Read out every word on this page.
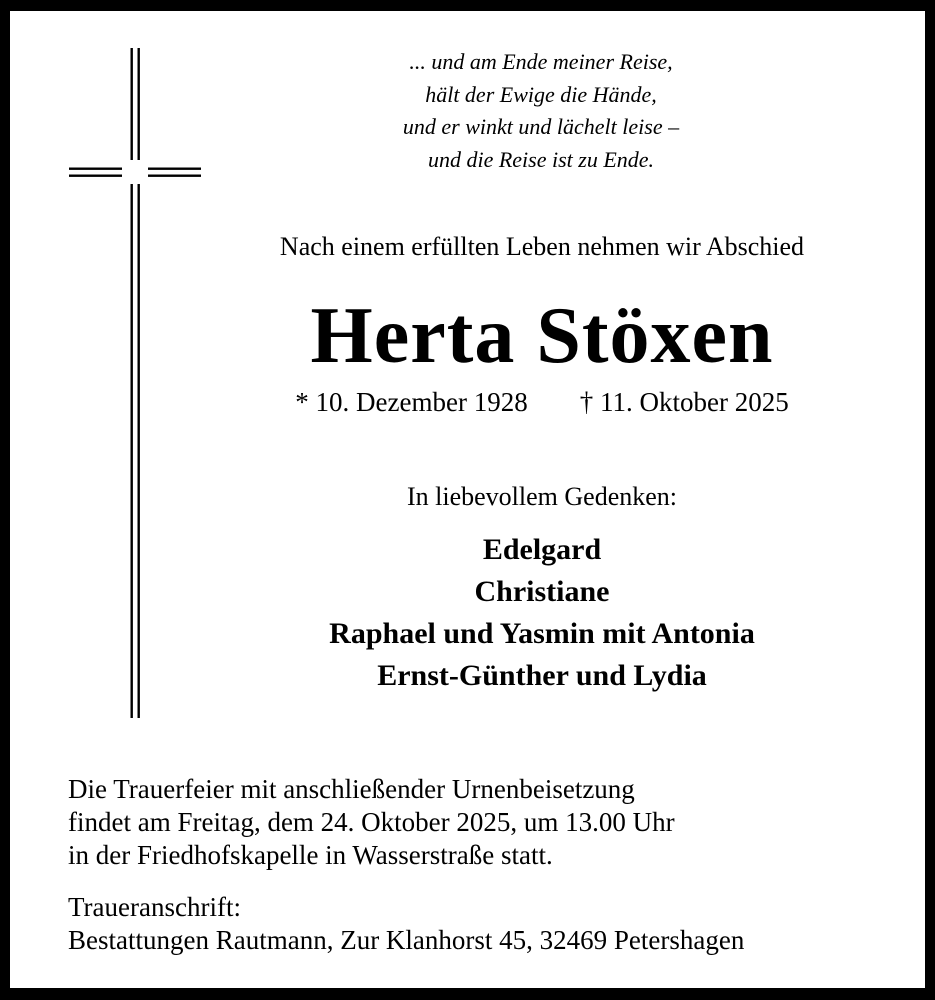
... und am Ende meiner Reise,
hält der Ewige die Hände,
und er winkt und lächelt leise –
und die Reise ist zu Ende.
Nach einem erfüllten Leben nehmen wir Abschied
Herta Stöxen
* 10. Dezember 1928 † 11. Oktober 2025
In liebevollem Gedenken:
Edelgard
Christiane
Raphael und Yasmin mit Antonia
Ernst-Günther und Lydia
Die Trauerfeier mit anschließender Urnenbeisetzung
findet am Freitag, dem 24. Oktober 2025, um 13.00 Uhr
in der Friedhofskapelle in Wasserstraße statt.
Traueranschrift:
Bestattungen Rautmann, Zur Klanhorst 45, 32469 Petershagen
